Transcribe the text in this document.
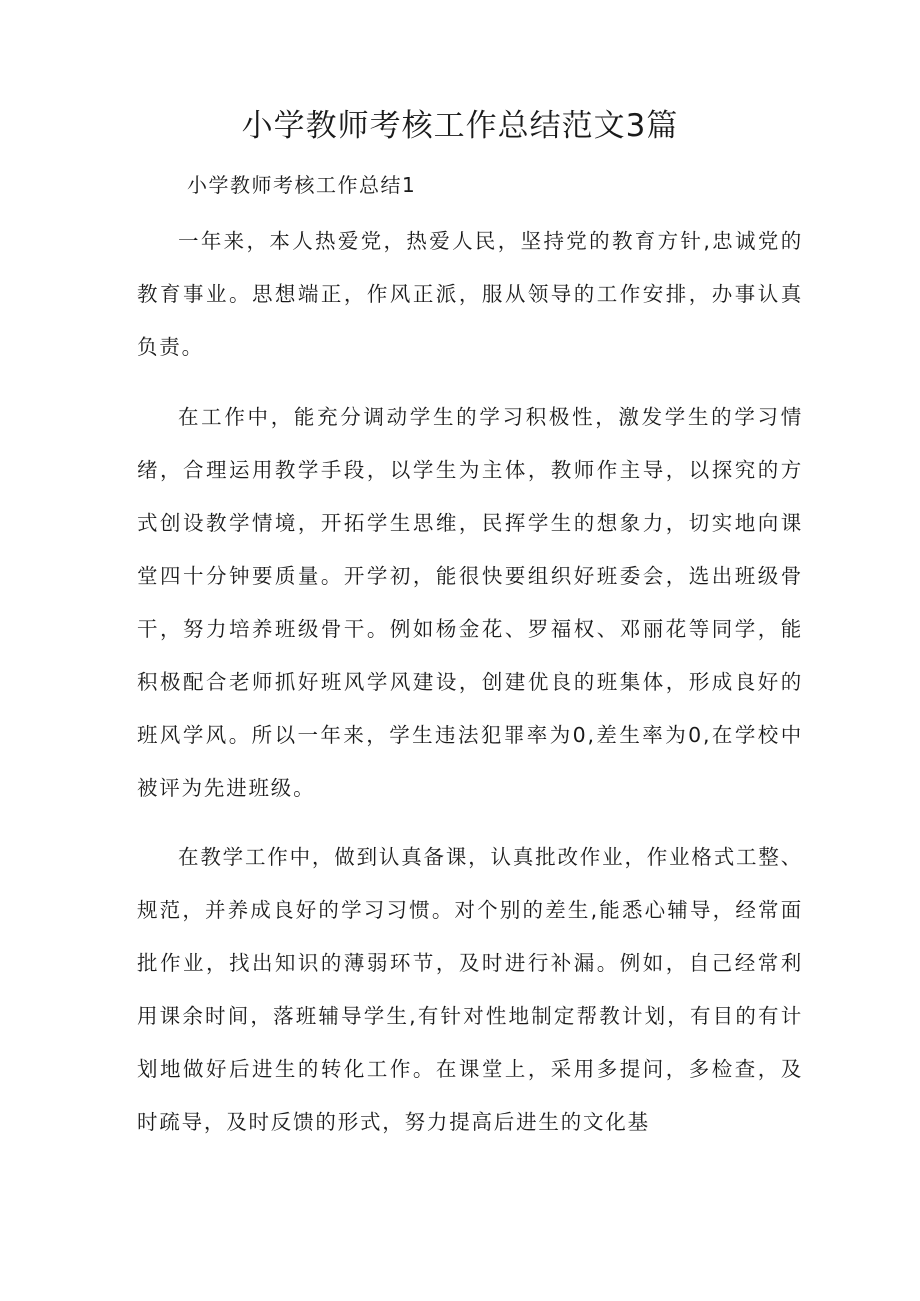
小学教师考核工作总结范文3篇

小学教师考核工作总结1

一年来，本人热爱党，热爱人民，坚持党的教育方针,忠诚党的教育事业。思想端正，作风正派，服从领导的工作安排，办事认真负责。

在工作中，能充分调动学生的学习积极性，激发学生的学习情绪，合理运用教学手段，以学生为主体，教师作主导，以探究的方式创设教学情境，开拓学生思维，民挥学生的想象力，切实地向课堂四十分钟要质量。开学初，能很快要组织好班委会，选出班级骨干，努力培养班级骨干。例如杨金花、罗福权、邓丽花等同学，能积极配合老师抓好班风学风建设，创建优良的班集体，形成良好的班风学风。所以一年来，学生违法犯罪率为0,差生率为0,在学校中被评为先进班级。

在教学工作中，做到认真备课，认真批改作业，作业格式工整、规范，并养成良好的学习习惯。对个别的差生,能悉心辅导，经常面批作业，找出知识的薄弱环节，及时进行补漏。例如，自己经常利用课余时间，落班辅导学生,有针对性地制定帮教计划，有目的有计划地做好后进生的转化工作。在课堂上，采用多提问，多检查，及时疏导，及时反馈的形式，努力提高后进生的文化基
